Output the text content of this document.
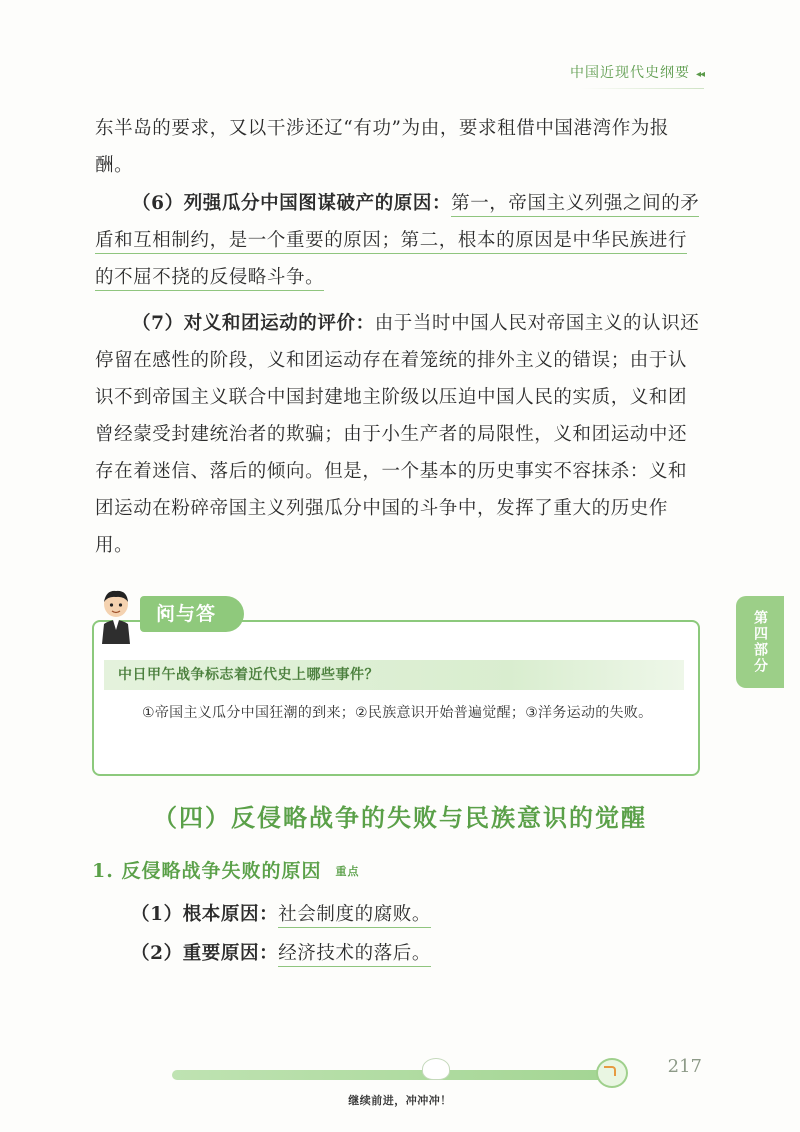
中国近现代史纲要 ◂◂

东半岛的要求，又以干涉还辽“有功”为由，要求租借中国港湾作为报酬。

（6）列强瓜分中国图谋破产的原因：第一，帝国主义列强之间的矛盾和互相制约，是一个重要的原因；第二，根本的原因是中华民族进行的不屈不挠的反侵略斗争。

（7）对义和团运动的评价：由于当时中国人民对帝国主义的认识还停留在感性的阶段，义和团运动存在着笼统的排外主义的错误；由于认识不到帝国主义联合中国封建地主阶级以压迫中国人民的实质，义和团曾经蒙受封建统治者的欺骗；由于小生产者的局限性，义和团运动中还存在着迷信、落后的倾向。但是，一个基本的历史事实不容抹杀：义和团运动在粉碎帝国主义列强瓜分中国的斗争中，发挥了重大的历史作用。

‹ 问与答
中日甲午战争标志着近代史上哪些事件？

①帝国主义瓜分中国狂潮的到来；②民族意识开始普遍觉醒；③洋务运动的失败。

第四部分
（四）反侵略战争的失败与民族意识的觉醒
1. 反侵略战争失败的原因 重点

（1）根本原因：社会制度的腐败。

（2）重要原因：经济技术的落后。

217
继续前进，冲冲冲！
